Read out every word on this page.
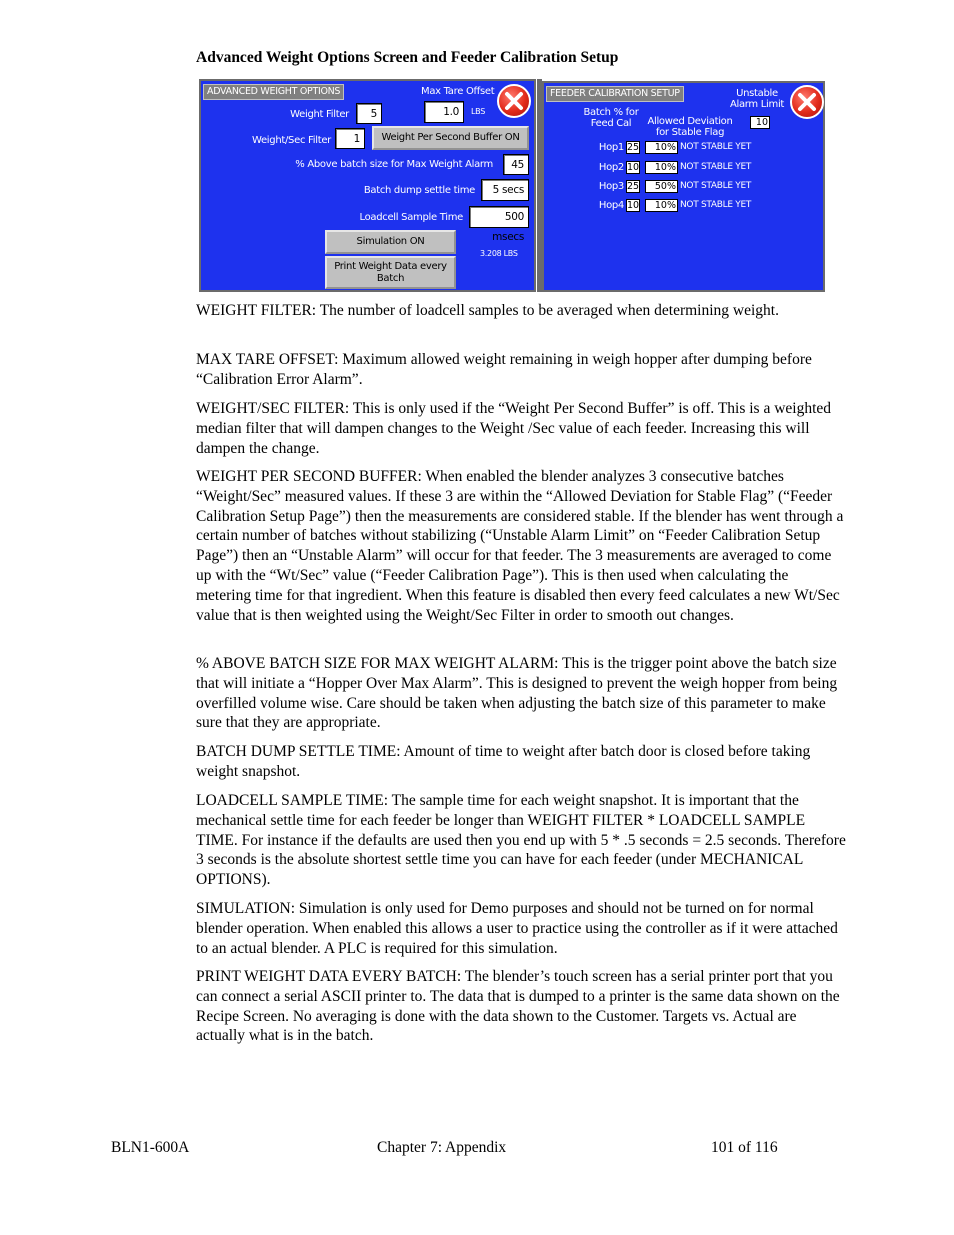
Advanced Weight Options Screen and Feeder Calibration Setup
ADVANCED WEIGHT OPTIONS	Max Tare Offset
1.0	LBS
Weight Filter	5
Weight/Sec Filter	1	Weight Per Second Buffer ON
% Above batch size for Max Weight Alarm	45
Batch dump settle time	5 secs
Loadcell Sample Time	500 msecs
Simulation ON
Print Weight Data every Batch
3.208 LBS
FEEDER CALIBRATION SETUP	Unstable Alarm Limit
Batch % for Feed Cal	Allowed Deviation for Stable Flag
10
Hop1 25	10% NOT STABLE YET
Hop2 10	10% NOT STABLE YET
Hop3 25	50% NOT STABLE YET
Hop4 10	10% NOT STABLE YET

WEIGHT FILTER: The number of loadcell samples to be averaged when determining weight.

MAX TARE OFFSET: Maximum allowed weight remaining in weigh hopper after dumping before “Calibration Error Alarm”.

WEIGHT/SEC FILTER: This is only used if the “Weight Per Second Buffer” is off. This is a weighted median filter that will dampen changes to the Weight /Sec value of each feeder. Increasing this will dampen the change.

WEIGHT PER SECOND BUFFER: When enabled the blender analyzes 3 consecutive batches “Weight/Sec” measured values. If these 3 are within the “Allowed Deviation for Stable Flag” (“Feeder Calibration Setup Page”) then the measurements are considered stable. If the blender has went through a certain number of batches without stabilizing (“Unstable Alarm Limit” on “Feeder Calibration Setup Page”) then an “Unstable Alarm” will occur for that feeder. The 3 measurements are averaged to come up with the “Wt/Sec” value (“Feeder Calibration Page”). This is then used when calculating the metering time for that ingredient. When this feature is disabled then every feed calculates a new Wt/Sec value that is then weighted using the Weight/Sec Filter in order to smooth out changes.

% ABOVE BATCH SIZE FOR MAX WEIGHT ALARM: This is the trigger point above the batch size that will initiate a “Hopper Over Max Alarm”. This is designed to prevent the weigh hopper from being overfilled volume wise. Care should be taken when adjusting the batch size of this parameter to make sure that they are appropriate.

BATCH DUMP SETTLE TIME: Amount of time to weight after batch door is closed before taking weight snapshot.

LOADCELL SAMPLE TIME: The sample time for each weight snapshot. It is important that the mechanical settle time for each feeder be longer than WEIGHT FILTER * LOADCELL SAMPLE TIME. For instance if the defaults are used then you end up with 5 * .5 seconds = 2.5 seconds. Therefore 3 seconds is the absolute shortest settle time you can have for each feeder (under MECHANICAL OPTIONS).

SIMULATION: Simulation is only used for Demo purposes and should not be turned on for normal blender operation. When enabled this allows a user to practice using the controller as if it were attached to an actual blender. A PLC is required for this simulation.

PRINT WEIGHT DATA EVERY BATCH: The blender’s touch screen has a serial printer port that you can connect a serial ASCII printer to. The data that is dumped to a printer is the same data shown on the Recipe Screen. No averaging is done with the data shown to the Customer. Targets vs. Actual are actually what is in the batch.

BLN1-600A	Chapter 7: Appendix	101 of 116
